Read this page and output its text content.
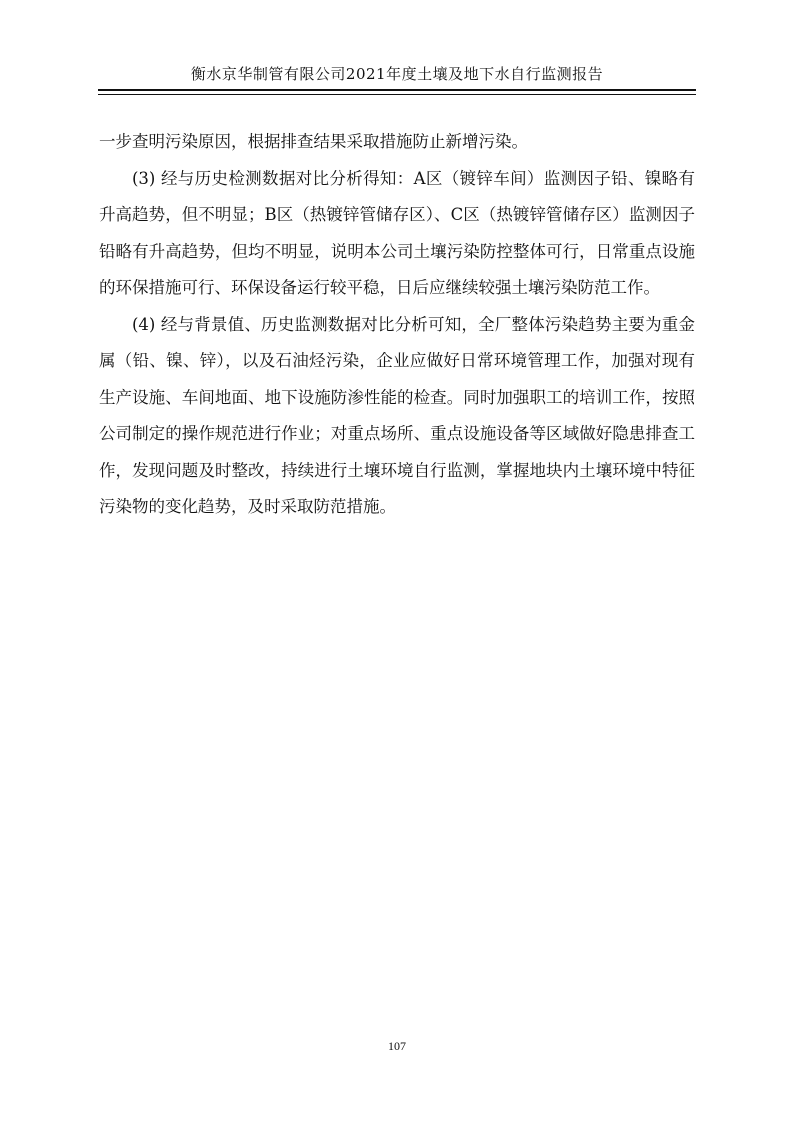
衡水京华制管有限公司2021年度土壤及地下水自行监测报告

一步查明污染原因，根据排查结果采取措施防止新增污染。

(3) 经与历史检测数据对比分析得知：A区（镀锌车间）监测因子铅、镍略有升高趋势，但不明显；B区（热镀锌管储存区）、C区（热镀锌管储存区）监测因子铅略有升高趋势，但均不明显，说明本公司土壤污染防控整体可行，日常重点设施的环保措施可行、环保设备运行较平稳，日后应继续较强土壤污染防范工作。

(4) 经与背景值、历史监测数据对比分析可知，全厂整体污染趋势主要为重金属（铅、镍、锌），以及石油烃污染，企业应做好日常环境管理工作，加强对现有生产设施、车间地面、地下设施防渗性能的检查。同时加强职工的培训工作，按照公司制定的操作规范进行作业；对重点场所、重点设施设备等区域做好隐患排查工作，发现问题及时整改，持续进行土壤环境自行监测，掌握地块内土壤环境中特征污染物的变化趋势，及时采取防范措施。

107
